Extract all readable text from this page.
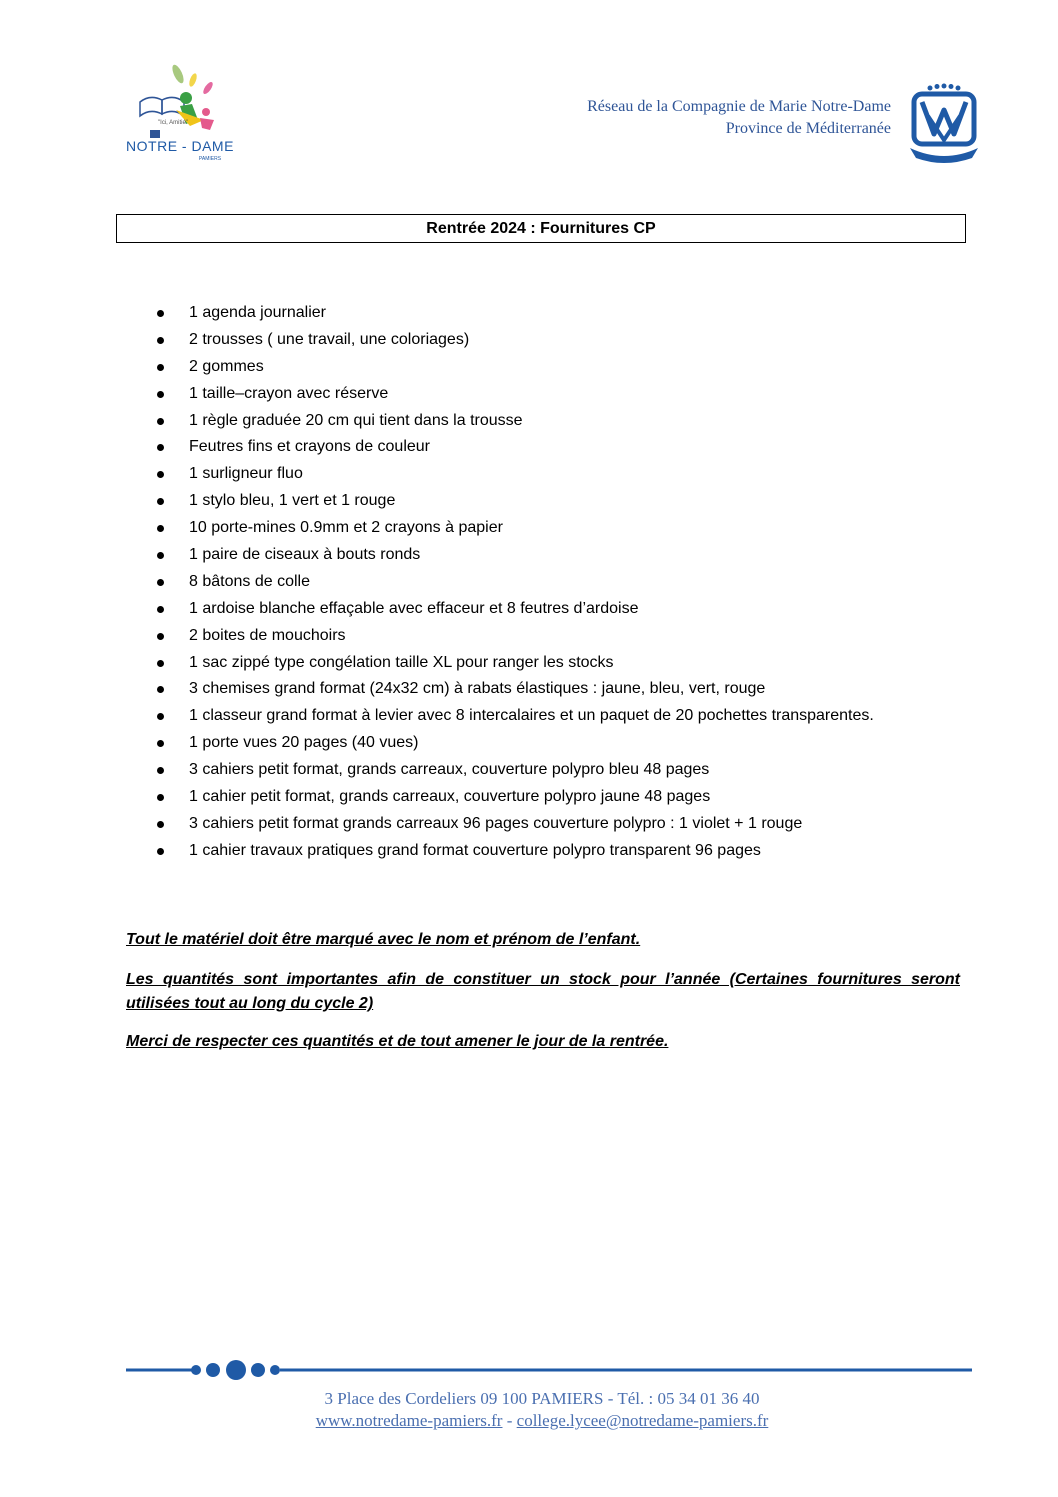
"Ici, Amitié"
NOTRE - DAME
PAMIERS
Réseau de la Compagnie de Marie Notre-Dame
Province de Méditerranée
Rentrée 2024 : Fournitures CP
1 agenda journalier
2 trousses ( une travail, une coloriages)
2 gommes
1 taille–crayon avec réserve
1 règle graduée 20 cm qui tient dans la trousse
Feutres fins et crayons de couleur
1 surligneur fluo
1 stylo bleu, 1 vert et 1 rouge
10 porte-mines 0.9mm et 2 crayons à papier
1 paire de ciseaux à bouts ronds
8 bâtons de colle
1 ardoise blanche effaçable avec effaceur et 8 feutres d’ardoise
2 boites de mouchoirs
1 sac zippé type congélation taille XL pour ranger les stocks
3 chemises grand format (24x32 cm) à rabats élastiques : jaune, bleu, vert, rouge
1 classeur grand format à levier avec 8 intercalaires et un paquet de 20 pochettes transparentes.
1 porte vues 20 pages (40 vues)
3 cahiers petit format, grands carreaux, couverture polypro bleu 48 pages
1 cahier petit format, grands carreaux, couverture polypro jaune 48 pages
3 cahiers petit format grands carreaux 96 pages couverture polypro : 1 violet + 1 rouge
1 cahier travaux pratiques grand format couverture polypro transparent 96 pages

Tout le matériel doit être marqué avec le nom et prénom de l’enfant.

Les quantités sont importantes afin de constituer un stock pour l’année (Certaines fournitures seront utilisées tout au long du cycle 2)

Merci de respecter ces quantités et de tout amener le jour de la rentrée.

3 Place des Cordeliers 09 100 PAMIERS - Tél. : 05 34 01 36 40
www.notredame-pamiers.fr - college.lycee@notredame-pamiers.fr
